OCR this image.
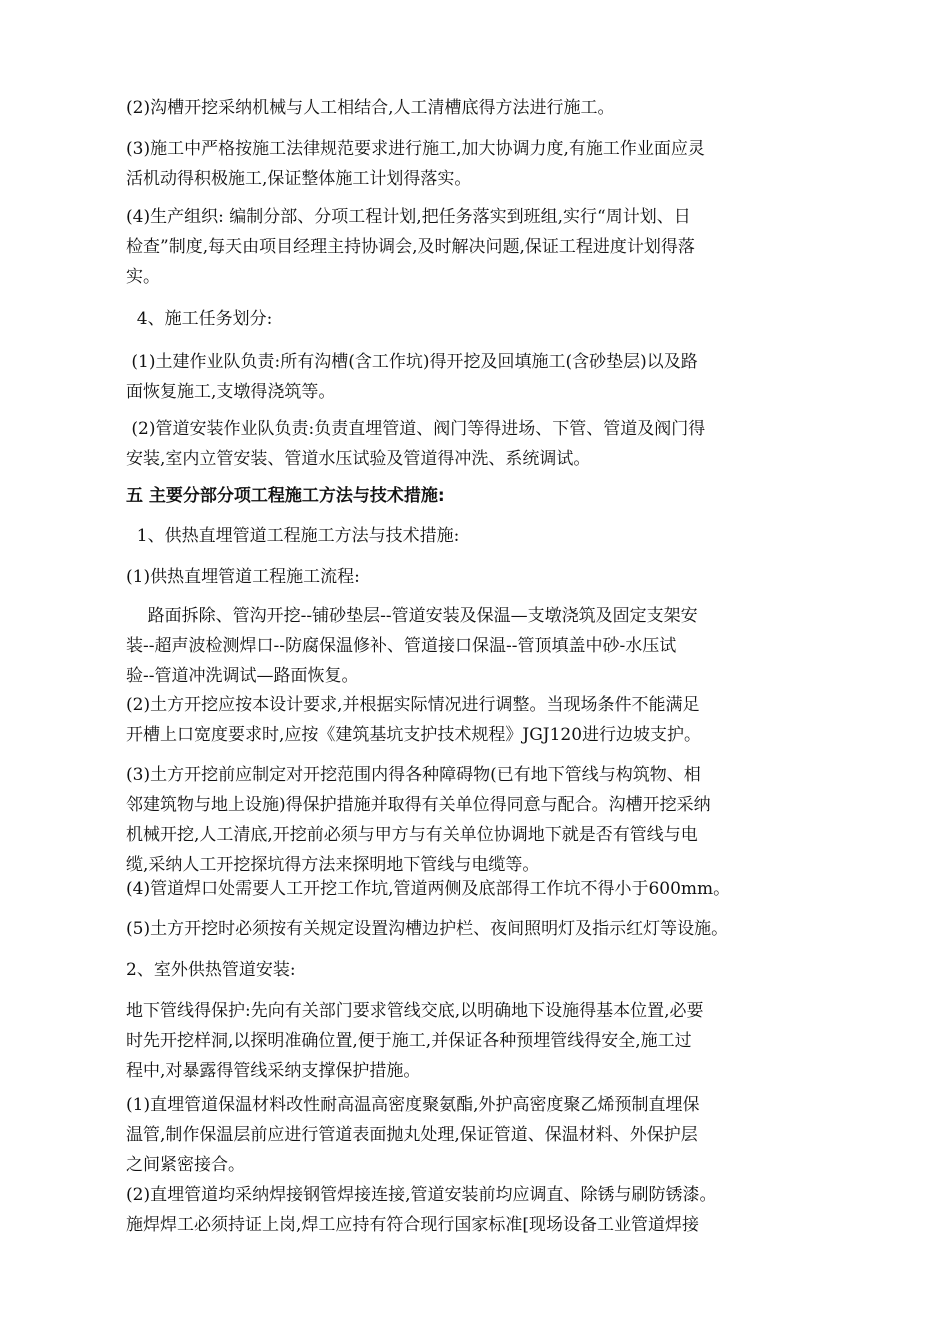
(2)沟槽开挖采纳机械与人工相结合,人工清槽底得方法进行施工。

(3)施工中严格按施工法律规范要求进行施工,加大协调力度,有施工作业面应灵
活机动得积极施工,保证整体施工计划得落实。

(4)生产组织: 编制分部、分项工程计划,把任务落实到班组,实行“周计划、日
检查”制度,每天由项目经理主持协调会,及时解决问题,保证工程进度计划得落
实。

4、施工任务划分:

(1)土建作业队负责:所有沟槽(含工作坑)得开挖及回填施工(含砂垫层)以及路
面恢复施工,支墩得浇筑等。

(2)管道安装作业队负责:负责直埋管道、阀门等得进场、下管、管道及阀门得
安装,室内立管安装、管道水压试验及管道得冲洗、系统调试。

五 主要分部分项工程施工方法与技术措施:

1、供热直埋管道工程施工方法与技术措施:

(1)供热直埋管道工程施工流程:

路面拆除、管沟开挖--铺砂垫层--管道安装及保温—支墩浇筑及固定支架安
装--超声波检测焊口--防腐保温修补、管道接口保温--管顶填盖中砂-水压试
验--管道冲洗调试—路面恢复。

(2)土方开挖应按本设计要求,并根据实际情况进行调整。当现场条件不能满足
开槽上口宽度要求时,应按《建筑基坑支护技术规程》JGJ120进行边坡支护。

(3)土方开挖前应制定对开挖范围内得各种障碍物(已有地下管线与构筑物、相
邻建筑物与地上设施)得保护措施并取得有关单位得同意与配合。沟槽开挖采纳
机械开挖,人工清底,开挖前必须与甲方与有关单位协调地下就是否有管线与电
缆,采纳人工开挖探坑得方法来探明地下管线与电缆等。

(4)管道焊口处需要人工开挖工作坑,管道两侧及底部得工作坑不得小于600mm。

(5)土方开挖时必须按有关规定设置沟槽边护栏、夜间照明灯及指示红灯等设施。

2、室外供热管道安装:

地下管线得保护:先向有关部门要求管线交底,以明确地下设施得基本位置,必要
时先开挖样洞,以探明准确位置,便于施工,并保证各种预埋管线得安全,施工过
程中,对暴露得管线采纳支撑保护措施。

(1)直埋管道保温材料改性耐高温高密度聚氨酯,外护高密度聚乙烯预制直埋保
温管,制作保温层前应进行管道表面抛丸处理,保证管道、保温材料、外保护层
之间紧密接合。

(2)直埋管道均采纳焊接钢管焊接连接,管道安装前均应调直、除锈与刷防锈漆。
施焊焊工必须持证上岗,焊工应持有符合现行国家标准[现场设备工业管道焊接
